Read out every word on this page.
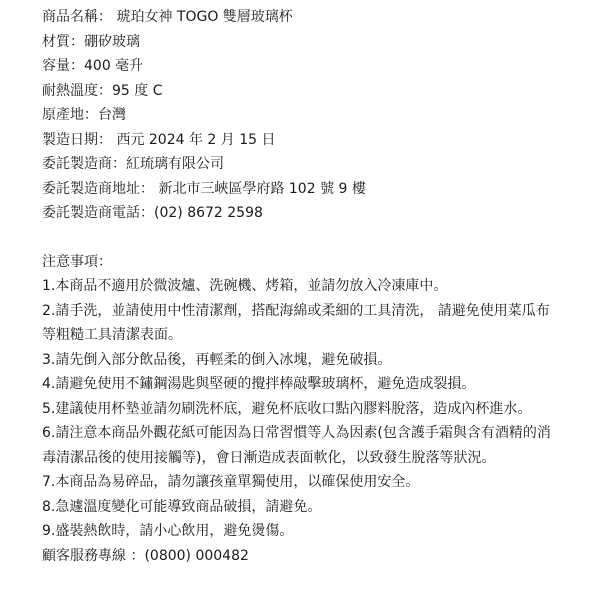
商品名稱： 琥珀女神 TOGO 雙層玻璃杯
材質：硼矽玻璃
容量：400 毫升
耐熱溫度：95 度 C
原產地：台灣
製造日期： 西元 2024 年 2 月 15 日
委託製造商：紅琉璃有限公司
委託製造商地址： 新北市三峽區學府路 102 號 9 樓
委託製造商電話：(02) 8672 2598
注意事項：
1.本商品不適用於微波爐、洗碗機、烤箱，並請勿放入冷凍庫中。
2.請手洗，並請使用中性清潔劑，搭配海綿或柔細的工具清洗， 請避免使用菜瓜布等粗糙工具清潔表面。
3.請先倒入部分飲品後，再輕柔的倒入冰塊，避免破損。
4.請避免使用不鏽鋼湯匙與堅硬的攪拌棒敲擊玻璃杯，避免造成裂損。
5.建議使用杯墊並請勿刷洗杯底，避免杯底收口點內膠料脫落，造成內杯進水。
6.請注意本商品外觀花紙可能因為日常習慣等人為因素(包含護手霜與含有酒精的消毒清潔品後的使用接觸等)，會日漸造成表面軟化，以致發生脫落等狀況。
7.本商品為易碎品，請勿讓孩童單獨使用，以確保使用安全。
8.急遽溫度變化可能導致商品破損，請避免。
9.盛裝熱飲時，請小心飲用，避免燙傷。
顧客服務專線 ：(0800) 000482
